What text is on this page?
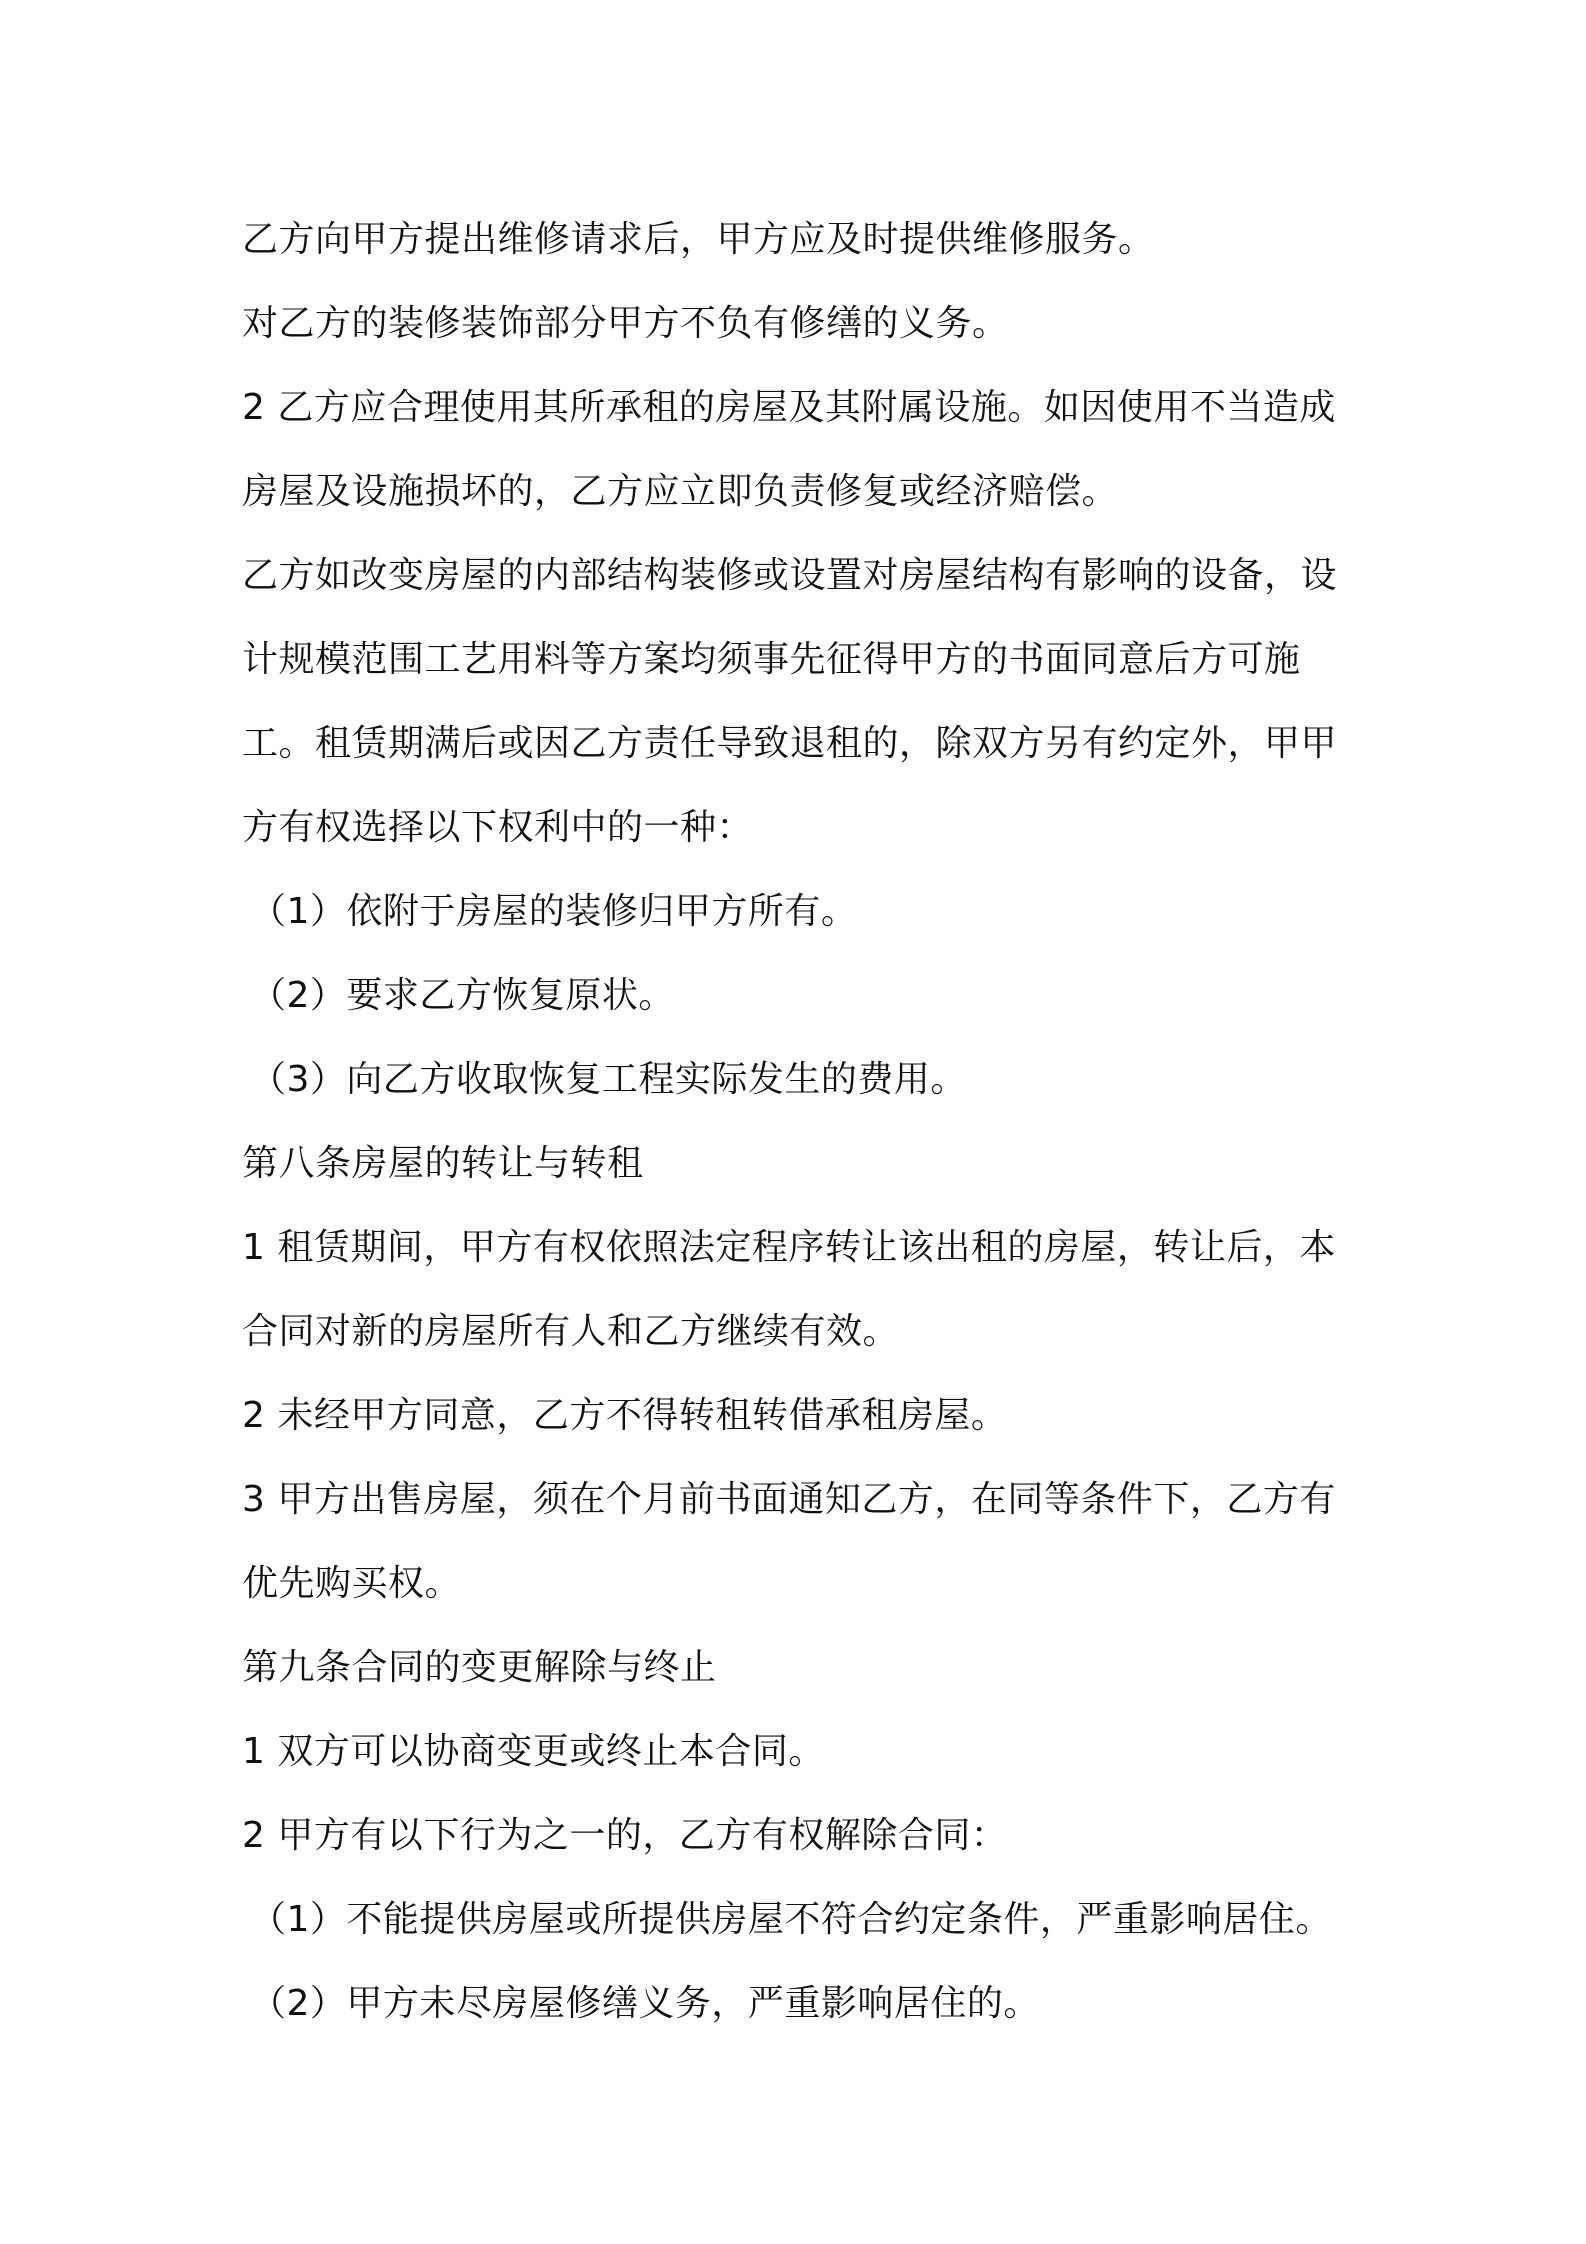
乙方向甲方提出维修请求后，甲方应及时提供维修服务。
对乙方的装修装饰部分甲方不负有修缮的义务。
2 乙方应合理使用其所承租的房屋及其附属设施。如因使用不当造成
房屋及设施损坏的，乙方应立即负责修复或经济赔偿。
乙方如改变房屋的内部结构装修或设置对房屋结构有影响的设备，设
计规模范围工艺用料等方案均须事先征得甲方的书面同意后方可施
工。租赁期满后或因乙方责任导致退租的，除双方另有约定外，甲甲
方有权选择以下权利中的一种：
（1）依附于房屋的装修归甲方所有。
（2）要求乙方恢复原状。
（3）向乙方收取恢复工程实际发生的费用。
第八条房屋的转让与转租
1 租赁期间，甲方有权依照法定程序转让该出租的房屋，转让后，本
合同对新的房屋所有人和乙方继续有效。
2 未经甲方同意，乙方不得转租转借承租房屋。
3 甲方出售房屋，须在个月前书面通知乙方，在同等条件下，乙方有
优先购买权。
第九条合同的变更解除与终止
1 双方可以协商变更或终止本合同。
2 甲方有以下行为之一的，乙方有权解除合同：
（1）不能提供房屋或所提供房屋不符合约定条件，严重影响居住。
（2）甲方未尽房屋修缮义务，严重影响居住的。
